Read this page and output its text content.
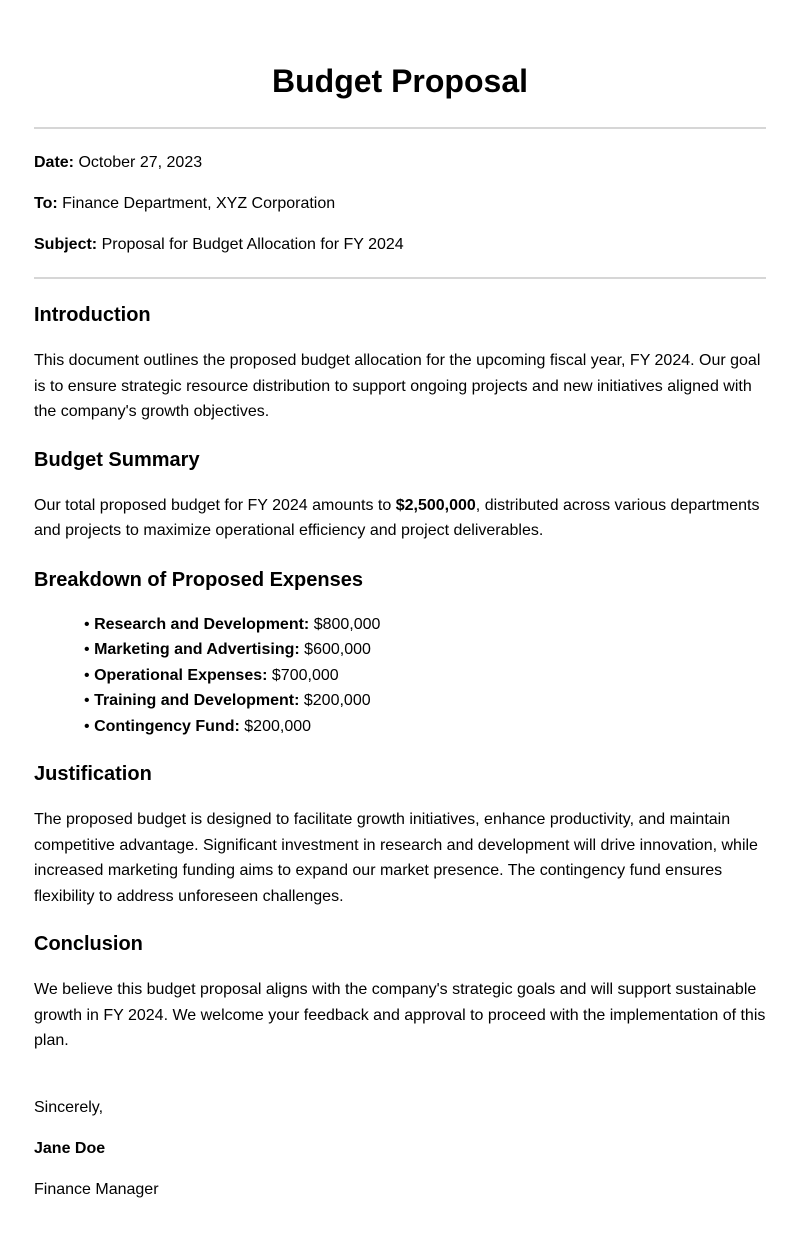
Budget Proposal

Date: October 27, 2023

To: Finance Department, XYZ Corporation

Subject: Proposal for Budget Allocation for FY 2024

Introduction

This document outlines the proposed budget allocation for the upcoming fiscal year, FY 2024. Our goal is to ensure strategic resource distribution to support ongoing projects and new initiatives aligned with the company's growth objectives.

Budget Summary

Our total proposed budget for FY 2024 amounts to $2,500,000, distributed across various departments and projects to maximize operational efficiency and project deliverables.

Breakdown of Proposed Expenses
• Research and Development: $800,000
• Marketing and Advertising: $600,000
• Operational Expenses: $700,000
• Training and Development: $200,000
• Contingency Fund: $200,000
Justification

The proposed budget is designed to facilitate growth initiatives, enhance productivity, and maintain competitive advantage. Significant investment in research and development will drive innovation, while increased marketing funding aims to expand our market presence. The contingency fund ensures flexibility to address unforeseen challenges.

Conclusion

We believe this budget proposal aligns with the company's strategic goals and will support sustainable growth in FY 2024. We welcome your feedback and approval to proceed with the implementation of this plan.

Sincerely,

Jane Doe

Finance Manager
